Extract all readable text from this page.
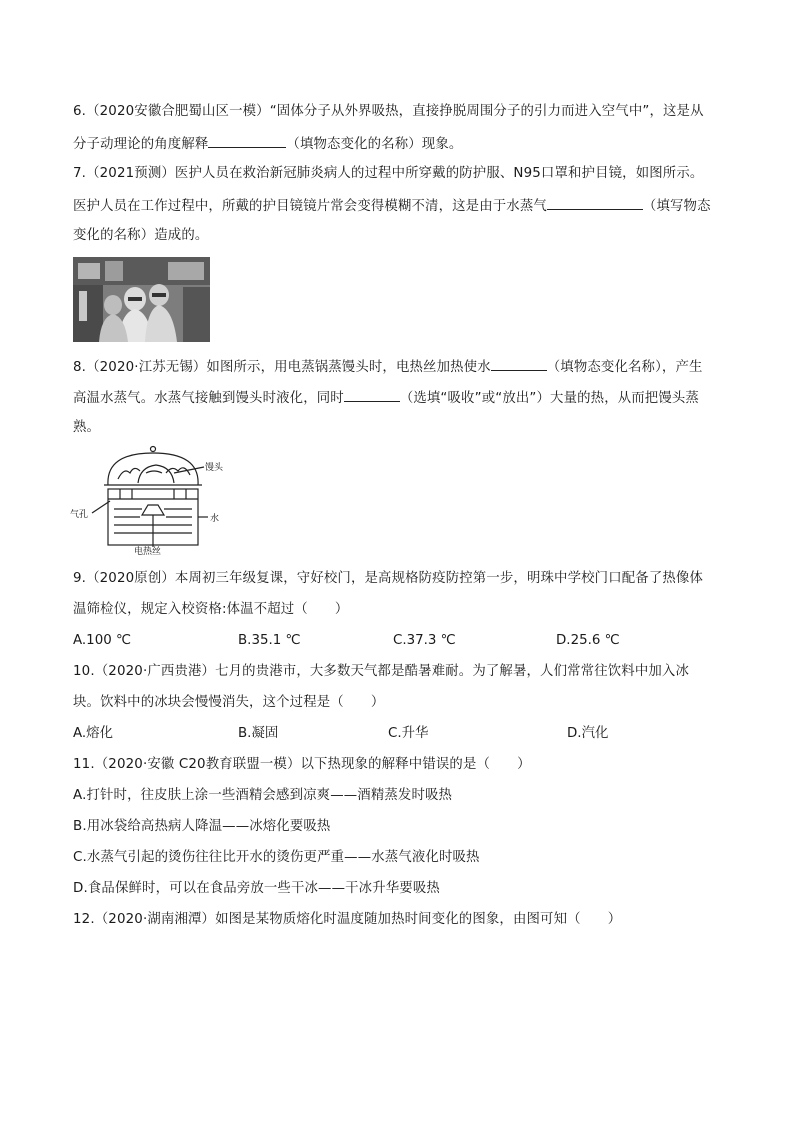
6.（2020安徽合肥蜀山区一模）“固体分子从外界吸热，直接挣脱周围分子的引力而进入空气中”，这是从
分子动理论的角度解释	（填物态变化的名称）现象。
7.（2021预测）医护人员在救治新冠肺炎病人的过程中所穿戴的防护服、N95口罩和护目镜，如图所示。
医护人员在工作过程中，所戴的护目镜镜片常会变得模糊不清，这是由于水蒸气	（填写物态
变化的名称）造成的。
8.（2020·江苏无锡）如图所示，用电蒸锅蒸馒头时，电热丝加热使水	（填物态变化名称），产生
高温水蒸气。水蒸气接触到馒头时液化，同时	（选填“吸收”或“放出”）大量的热，从而把馒头蒸
熟。
馒头
气孔	水
电热丝
9.（2020原创）本周初三年级复课，守好校门，是高规格防疫防控第一步，明珠中学校门口配备了热像体
温筛检仪，规定入校资格:体温不超过（　　）
A.100 ℃	B.35.1 ℃	C.37.3 ℃	D.25.6 ℃
10.（2020·广西贵港）七月的贵港市，大多数天气都是酷暑难耐。为了解暑，人们常常往饮料中加入冰
块。饮料中的冰块会慢慢消失，这个过程是（　　）
A.熔化	B.凝固	C.升华	D.汽化
11.（2020·安徽 C20教育联盟一模）以下热现象的解释中错误的是（　　）
A.打针时，往皮肤上涂一些酒精会感到凉爽——酒精蒸发时吸热
B.用冰袋给高热病人降温——冰熔化要吸热
C.水蒸气引起的烫伤往往比开水的烫伤更严重——水蒸气液化时吸热
D.食品保鲜时，可以在食品旁放一些干冰——干冰升华要吸热
12.（2020·湖南湘潭）如图是某物质熔化时温度随加热时间变化的图象，由图可知（　　）
